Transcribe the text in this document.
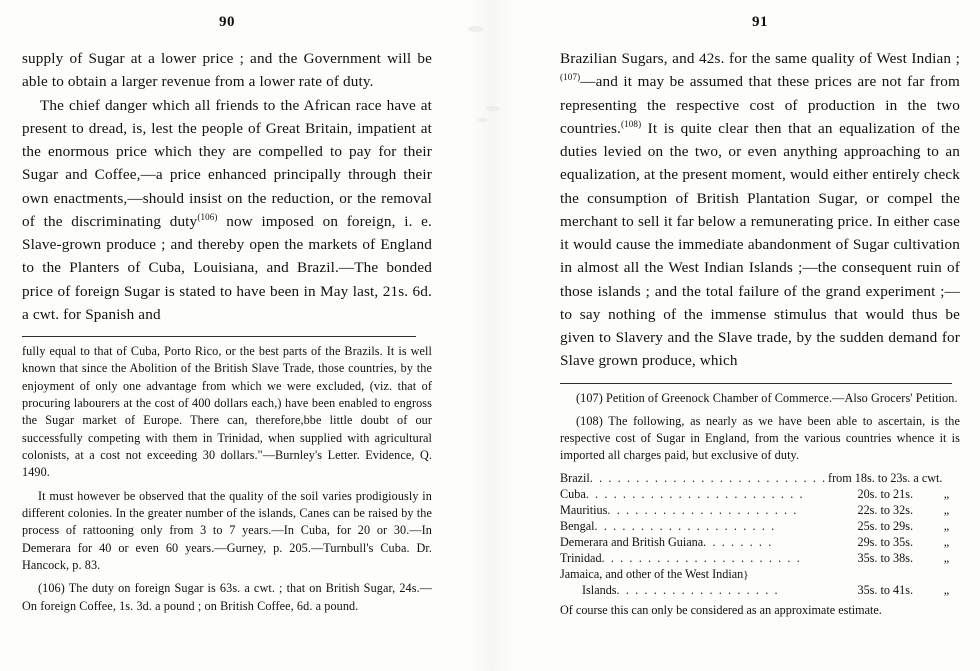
90

supply of Sugar at a lower price ; and the Government will be able to obtain a larger revenue from a lower rate of duty.

The chief danger which all friends to the African race have at present to dread, is, lest the people of Great Britain, impatient at the enormous price which they are compelled to pay for their Sugar and Coffee,—a price enhanced principally through their own enactments,—should insist on the reduction, or the removal of the discriminating duty$^{(106)}$ now imposed on foreign, i. e. Slave-grown produce ; and thereby open the markets of England to the Planters of Cuba, Louisiana, and Brazil.—The bonded price of foreign Sugar is stated to have been in May last, 21s. 6d. a cwt. for Spanish and

fully equal to that of Cuba, Porto Rico, or the best parts of the Brazils. It is well known that since the Abolition of the British Slave Trade, those countries, by the enjoyment of only one advantage from which we were excluded, (viz. that of procuring labourers at the cost of 400 dollars each,) have been enabled to engross the Sugar market of Europe. There can, therefore,bbe little doubt of our successfully competing with them in Trinidad, when supplied with agricultural colonists, at a cost not exceeding 30 dollars."—Burnley's Letter. Evidence, Q. 1490.

It must however be observed that the quality of the soil varies prodigiously in different colonies. In the greater number of the islands, Canes can be raised by the process of rattooning only from 3 to 7 years.—In Cuba, for 20 or 30.—In Demerara for 40 or even 60 years.—Gurney, p. 205.—Turnbull's Cuba. Dr. Hancock, p. 83.

(106) The duty on foreign Sugar is 63s. a cwt. ; that on British Sugar, 24s.—On foreign Coffee, 1s. 3d. a pound ; on British Coffee, 6d. a pound.

91

Brazilian Sugars, and 42s. for the same quality of West Indian ;$^{(107)}$—and it may be assumed that these prices are not far from representing the respective cost of production in the two countries.$^{(108)}$ It is quite clear then that an equalization of the duties levied on the two, or even anything approaching to an equalization, at the present moment, would either entirely check the consumption of British Plantation Sugar, or compel the merchant to sell it far below a remunerating price. In either case it would cause the immediate abandonment of Sugar cultivation in almost all the West Indian Islands ;—the consequent ruin of those islands ; and the total failure of the grand experiment ;—to say nothing of the immense stimulus that would thus be given to Slavery and the Slave trade, by the sudden demand for Slave grown produce, which

(107) Petition of Greenock Chamber of Commerce.—Also Grocers' Petition.

(108) The following, as nearly as we have been able to ascertain, is the respective cost of Sugar in England, from the various countries whence it is imported all charges paid, but exclusive of duty.

Brazil. . . . . . . . . . . . . . . . . . . . . . . . . .	from 18s. to 23s. a cwt.	
Cuba. . . . . . . . . . . . . . . . . . . . . . . .	20s. to 21s.	„
Mauritius. . . . . . . . . . . . . . . . . . . . .	22s. to 32s.	„
Bengal. . . . . . . . . . . . . . . . . . . .	25s. to 29s.	„
Demerara and British Guiana. . . . . . . .	29s. to 35s.	„
Trinidad. . . . . . . . . . . . . . . . . . . . . .	35s. to 38s.	„
Jamaica, and other of the West Indian}		
Islands. . . . . . . . . . . . . . . . . .	35s. to 41s.	„
Of course this can only be considered as an approximate estimate.
